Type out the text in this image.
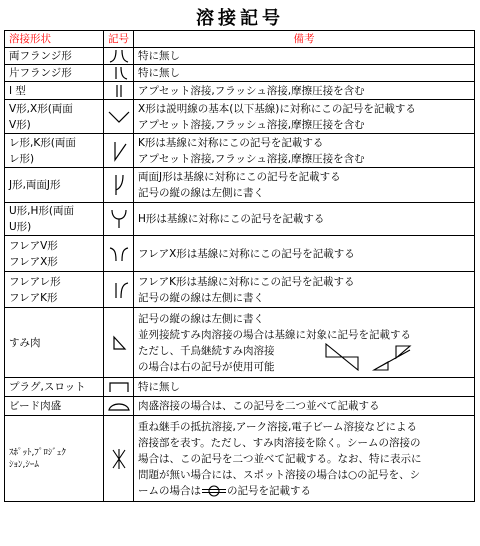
溶接記号
溶接形状	記号	備考

両フランジ形		特に無し

片フランジ形		特に無し

I 型		アプセット溶接,フラッシュ溶接,摩擦圧接を含む

V形,X形(両面
V形)		X形は説明線の基本(以下基線)に対称にこの記号を記載する
アプセット溶接,フラッシュ溶接,摩擦圧接を含む

レ形,K形(両面
レ形)		K形は基線に対称にこの記号を記載する
アプセット溶接,フラッシュ溶接,摩擦圧接を含む

J形,両面J形		両面J形は基線に対称にこの記号を記載する
記号の縦の線は左側に書く

U形,H形(両面
U形)		H形は基線に対称にこの記号を記載する

フレアV形
フレアX形		フレアX形は基線に対称にこの記号を記載する

フレアレ形
フレアK形		フレアK形は基線に対称にこの記号を記載する
記号の縦の線は左側に書く

すみ肉		記号の縦の線は左側に書く
並列接続すみ肉溶接の場合は基線に対象に記号を記載する
ただし、千鳥継続すみ肉溶接
の場合は右の記号が使用可能

プラグ,スロット		特に無し

ビード肉盛		肉盛溶接の場合は、この記号を二つ並べて記載する

ｽﾎﾟｯﾄ,ﾌﾟﾛｼﾞｪｸ
ｼｮﾝ,ｼｰﾑ		重ね継手の抵抗溶接,アーク溶接,電子ビーム溶接などによる
溶接部を表す。ただし、すみ肉溶接を除く。シームの溶接の
場合は、この記号を二つ並べて記載する。なお、特に表示に
問題が無い場合には、スポット溶接の場合は○の記号を、シ
ームの場合は の記号を記載する
